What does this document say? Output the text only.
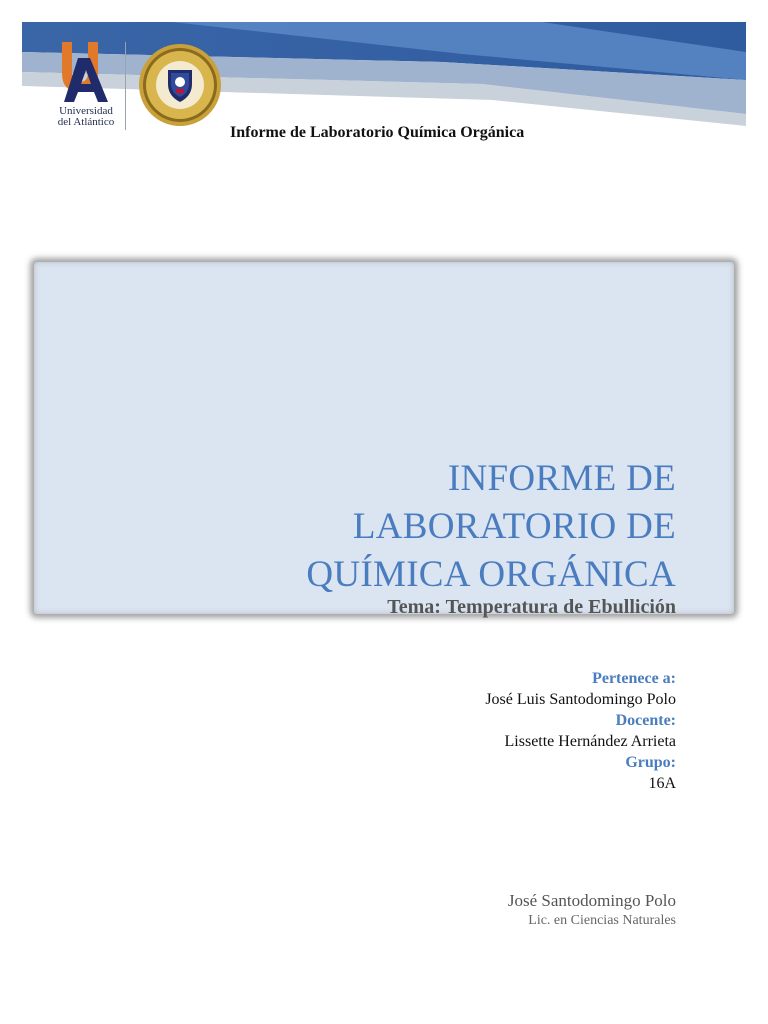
Universidad
del Atlántico
Informe de Laboratorio Química Orgánica
INFORME DE
LABORATORIO DE
QUÍMICA ORGÁNICA
Tema: Temperatura de Ebullición
Pertenece a:
José Luis Santodomingo Polo
Docente:
Lissette Hernández Arrieta
Grupo:
16A
José Santodomingo Polo
Lic. en Ciencias Naturales
